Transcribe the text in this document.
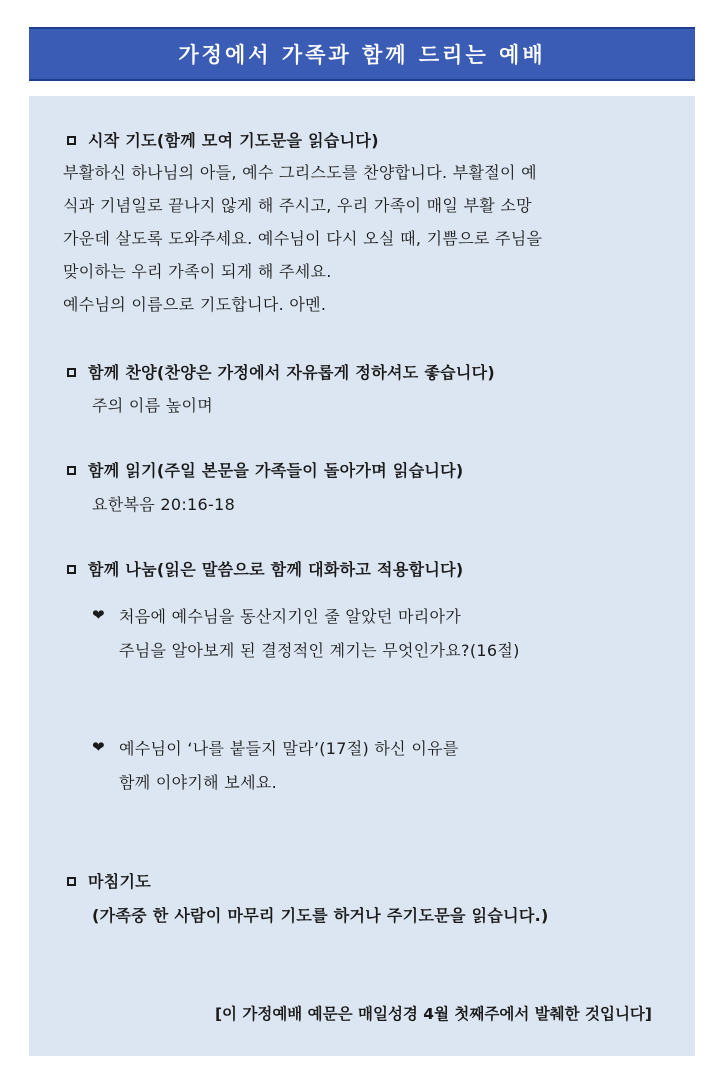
가정에서 가족과 함께 드리는 예배
시작 기도(함께 모여 기도문을 읽습니다)
부활하신 하나님의 아들, 예수 그리스도를 찬양합니다. 부활절이 예
식과 기념일로 끝나지 않게 해 주시고, 우리 가족이 매일 부활 소망
가운데 살도록 도와주세요. 예수님이 다시 오실 때, 기쁨으로 주님을
맞이하는 우리 가족이 되게 해 주세요.
예수님의 이름으로 기도합니다. 아멘.
함께 찬양(찬양은 가정에서 자유롭게 정하셔도 좋습니다)
주의 이름 높이며
함께 읽기(주일 본문을 가족들이 돌아가며 읽습니다)
요한복음 20:16-18
함께 나눔(읽은 말씀으로 함께 대화하고 적용합니다)
❤ 처음에 예수님을 동산지기인 줄 알았던 마리아가
주님을 알아보게 된 결정적인 계기는 무엇인가요?(16절)
❤ 예수님이 ‘나를 붙들지 말라’(17절) 하신 이유를
함께 이야기해 보세요.
마침기도
(가족중 한 사람이 마무리 기도를 하거나 주기도문을 읽습니다.)
[이 가정예배 예문은 매일성경 4월 첫째주에서 발췌한 것입니다]
